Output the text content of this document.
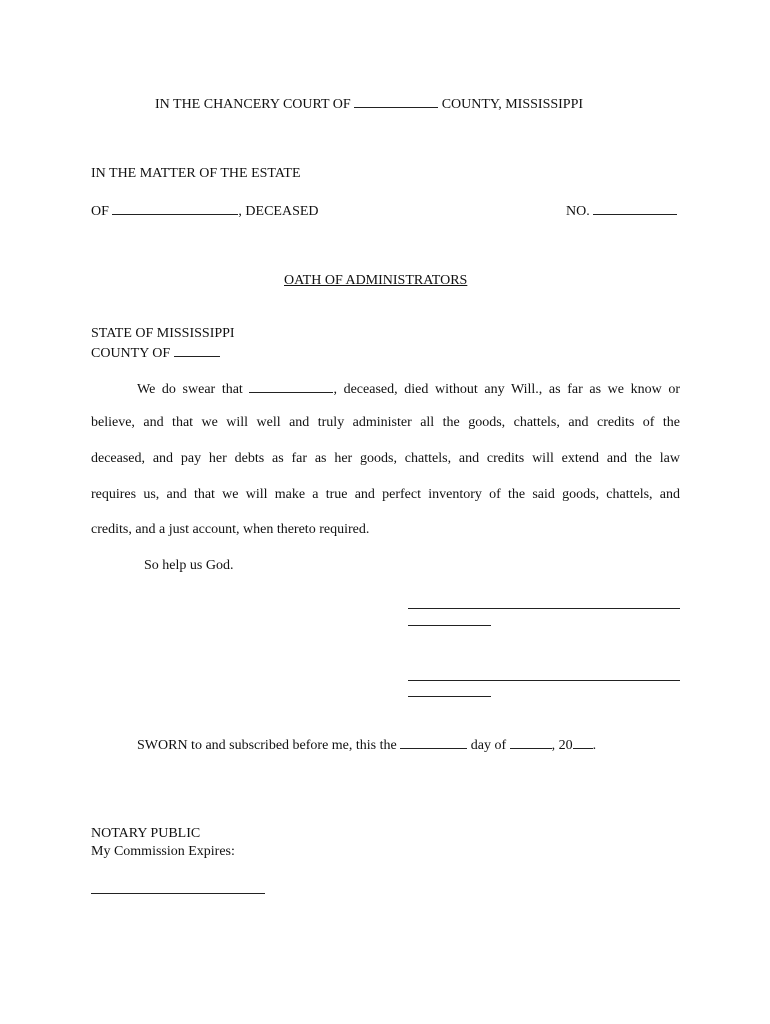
IN THE CHANCERY COURT OF	COUNTY, MISSISSIPPI
IN THE MATTER OF THE ESTATE
OF	, DECEASED	NO.
OATH OF ADMINISTRATORS
STATE OF MISSISSIPPI
COUNTY OF
We do swear that	, deceased, died without any Will., as far as we know or
believe, and that we will well and truly administer all the goods, chattels, and credits of the
deceased, and pay her debts as far as her goods, chattels, and credits will extend and the law
requires us, and that we will make a true and perfect inventory of the said goods, chattels, and
credits, and a just account, when thereto required.
So help us God.
SWORN to and subscribed before me, this the	day of	, 20 .
NOTARY PUBLIC
My Commission Expires:
